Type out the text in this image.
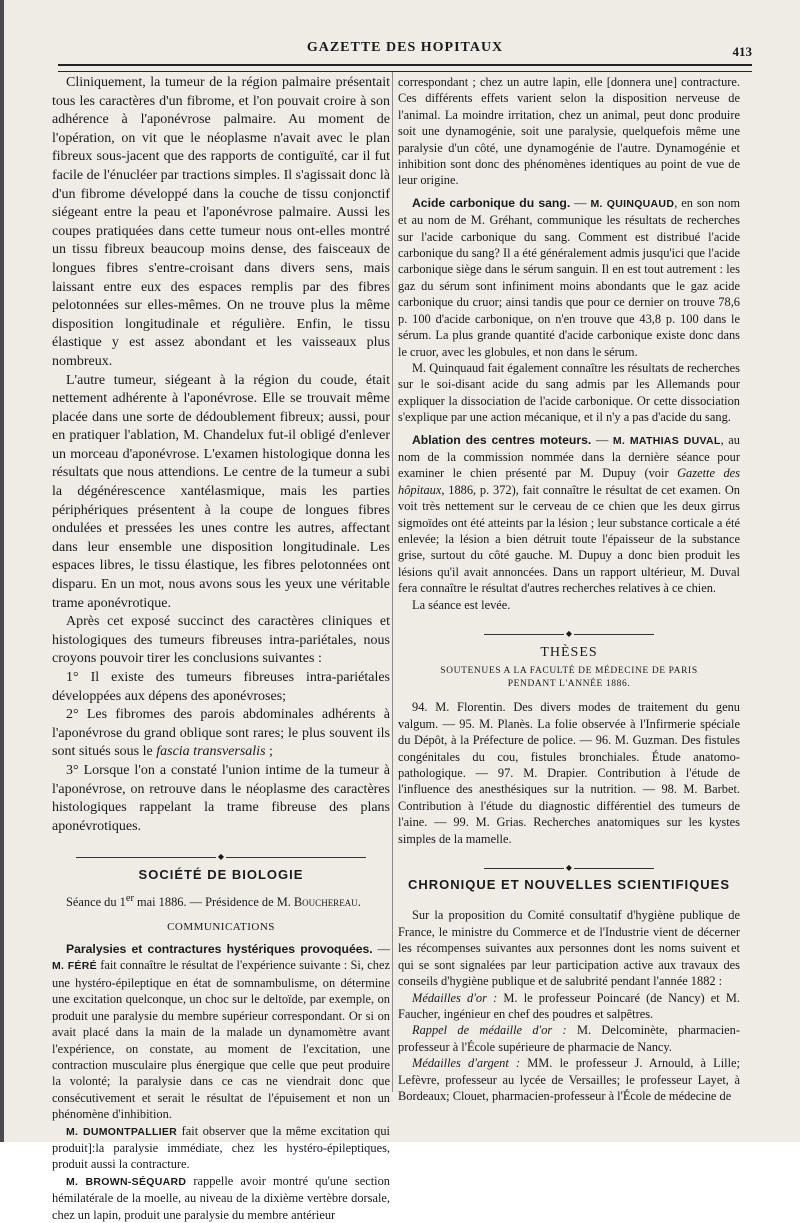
GAZETTE DES HOPITAUX	413

Cliniquement, la tumeur de la région palmaire présentait tous les caractères d'un fibrome, et l'on pouvait croire à son adhérence à l'aponévrose palmaire. Au moment de l'opération, on vit que le néoplasme n'avait avec le plan fibreux sous-jacent que des rapports de contiguïté, car il fut facile de l'énucléer par tractions simples. Il s'agissait donc là d'un fibrome développé dans la couche de tissu conjonctif siégeant entre la peau et l'aponévrose palmaire. Aussi les coupes pratiquées dans cette tumeur nous ont-elles montré un tissu fibreux beaucoup moins dense, des faisceaux de longues fibres s'entre-croisant dans divers sens, mais laissant entre eux des espaces remplis par des fibres pelotonnées sur elles-mêmes. On ne trouve plus la même disposition longitudinale et régulière. Enfin, le tissu élastique y est assez abondant et les vaisseaux plus nombreux.

L'autre tumeur, siégeant à la région du coude, était nettement adhérente à l'aponévrose. Elle se trouvait même placée dans une sorte de dédoublement fibreux; aussi, pour en pratiquer l'ablation, M. Chandelux fut-il obligé d'enlever un morceau d'aponévrose. L'examen histologique donna les résultats que nous attendions. Le centre de la tumeur a subi la dégénérescence xantélasmique, mais les parties périphériques présentent à la coupe de longues fibres ondulées et pressées les unes contre les autres, affectant dans leur ensemble une disposition longitudinale. Les espaces libres, le tissu élastique, les fibres pelotonnées ont disparu. En un mot, nous avons sous les yeux une véritable trame aponévrotique.

Après cet exposé succinct des caractères cliniques et histologiques des tumeurs fibreuses intra-pariétales, nous croyons pouvoir tirer les conclusions suivantes :

1° Il existe des tumeurs fibreuses intra-pariétales développées aux dépens des aponévroses;

2° Les fibromes des parois abdominales adhérents à l'aponévrose du grand oblique sont rares; le plus souvent ils sont situés sous le fascia transversalis ;

3° Lorsque l'on a constaté l'union intime de la tumeur à l'aponévrose, on retrouve dans le néoplasme des caractères histologiques rappelant la trame fibreuse des plans aponévrotiques.

◆
SOCIÉTÉ DE BIOLOGIE

Séance du 1er mai 1886. — Présidence de M. Bouchereau.

COMMUNICATIONS

Paralysies et contractures hystériques provoquées. — M. FÉRÉ fait connaître le résultat de l'expérience suivante : Si, chez une hystéro-épileptique en état de somnambulisme, on détermine une excitation quelconque, un choc sur le deltoïde, par exemple, on produit une paralysie du membre supérieur correspondant. Or si on avait placé dans la main de la malade un dynamomètre avant l'expérience, on constate, au moment de l'excitation, une contraction musculaire plus énergique que celle que peut produire la volonté; la paralysie dans ce cas ne viendrait donc que consécutivement et serait le résultat de l'épuisement et non un phénomène d'inhibition.

M. DUMONTPALLIER fait observer que la même excitation qui produit]:la paralysie immédiate, chez les hystéro-épileptiques, produit aussi la contracture.

M. BROWN-SÉQUARD rappelle avoir montré qu'une section hémilatérale de la moelle, au niveau de la dixième vertèbre dorsale, chez un lapin, produit une paralysie du membre antérieur

correspondant ; chez un autre lapin, elle [donnera une] contracture. Ces différents effets varient selon la disposition nerveuse de l'animal. La moindre irritation, chez un animal, peut donc produire soit une dynamogénie, soit une paralysie, quelquefois même une paralysie d'un côté, une dynamogénie de l'autre. Dynamogénie et inhibition sont donc des phénomènes identiques au point de vue de leur origine.

Acide carbonique du sang. — M. QUINQUAUD, en son nom et au nom de M. Gréhant, communique les résultats de recherches sur l'acide carbonique du sang. Comment est distribué l'acide carbonique du sang? Il a été généralement admis jusqu'ici que l'acide carbonique siège dans le sérum sanguin. Il en est tout autrement : les gaz du sérum sont infiniment moins abondants que le gaz acide carbonique du cruor; ainsi tandis que pour ce dernier on trouve 78,6 p. 100 d'acide carbonique, on n'en trouve que 43,8 p. 100 dans le sérum. La plus grande quantité d'acide carbonique existe donc dans le cruor, avec les globules, et non dans le sérum.

M. Quinquaud fait également connaître les résultats de recherches sur le soi-disant acide du sang admis par les Allemands pour expliquer la dissociation de l'acide carbonique. Or cette dissociation s'explique par une action mécanique, et il n'y a pas d'acide du sang.

Ablation des centres moteurs. — M. MATHIAS DUVAL, au nom de la commission nommée dans la dernière séance pour examiner le chien présenté par M. Dupuy (voir Gazette des hôpitaux, 1886, p. 372), fait connaître le résultat de cet examen. On voit très nettement sur le cerveau de ce chien que les deux girrus sigmoïdes ont été atteints par la lésion ; leur substance corticale a été enlevée; la lésion a bien détruit toute l'épaisseur de la substance grise, surtout du côté gauche. M. Dupuy a donc bien produit les lésions qu'il avait annoncées. Dans un rapport ultérieur, M. Duval fera connaître le résultat d'autres recherches relatives à ce chien.

La séance est levée.

◆
THÈSES
SOUTENUES A LA FACULTÉ DE MÉDECINE DE PARIS
PENDANT L'ANNÉE 1886.

94. M. Florentin. Des divers modes de traitement du genu valgum. — 95. M. Planès. La folie observée à l'Infirmerie spéciale du Dépôt, à la Préfecture de police. — 96. M. Guzman. Des fistules congénitales du cou, fistules bronchiales. Étude anatomo-pathologique. — 97. M. Drapier. Contribution à l'étude de l'influence des anesthésiques sur la nutrition. — 98. M. Barbet. Contribution à l'étude du diagnostic différentiel des tumeurs de l'aine. — 99. M. Grias. Recherches anatomiques sur les kystes simples de la mamelle.

◆
CHRONIQUE ET NOUVELLES SCIENTIFIQUES

Sur la proposition du Comité consultatif d'hygiène publique de France, le ministre du Commerce et de l'Industrie vient de décerner les récompenses suivantes aux personnes dont les noms suivent et qui se sont signalées par leur participation active aux travaux des conseils d'hygiène publique et de salubrité pendant l'année 1882 :

Médailles d'or : M. le professeur Poincaré (de Nancy) et M. Faucher, ingénieur en chef des poudres et salpêtres.

Rappel de médaille d'or : M. Delcominète, pharmacien-professeur à l'École supérieure de pharmacie de Nancy.

Médailles d'argent : MM. le professeur J. Arnould, à Lille; Lefèvre, professeur au lycée de Versailles; le professeur Layet, à Bordeaux; Clouet, pharmacien-professeur à l'École de médecine de
